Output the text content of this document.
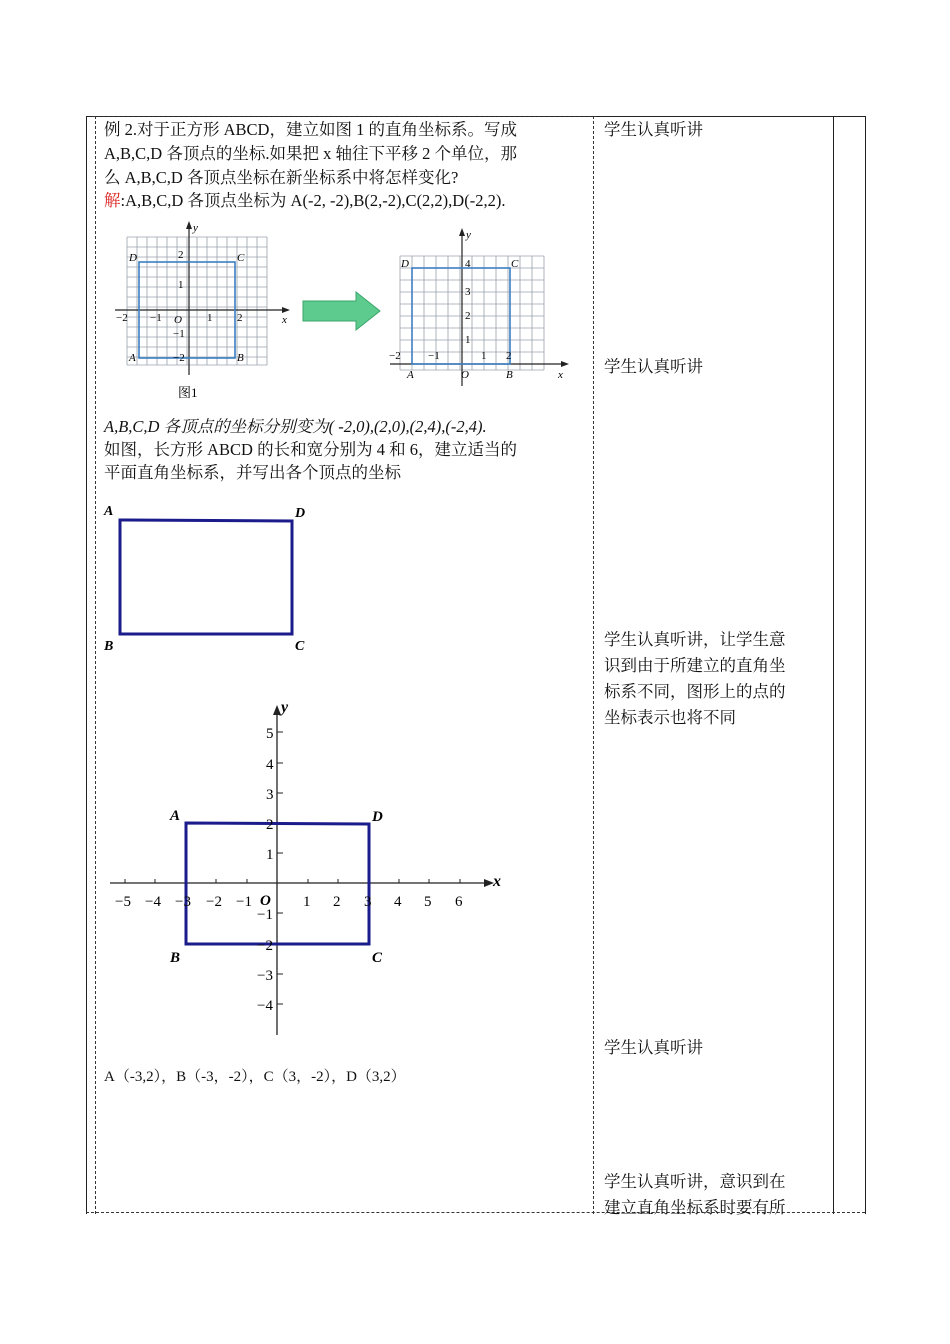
例 2.对于正方形 ABCD，建立如图 1 的直角坐标系。写成
A,B,C,D 各顶点的坐标.如果把 x 轴往下平移 2 个单位，那
么 A,B,C,D 各顶点坐标在新坐标系中将怎样变化?
解:A,B,C,D 各顶点坐标为 A(-2, -2),B(2,-2),C(2,2),D(-2,2).
D	C
A	B
O	x
y
−2 −1	1 2
2
1
−1
−2
图1
D	C
A	B
O	x
y
−2 −1	1 2
1
2
3
4
A,B,C,D 各顶点的坐标分别变为( -2,0),(2,0),(2,4),(-2,4).
如图，长方形 ABCD 的长和宽分别为 4 和 6，建立适当的
平面直角坐标系，并写出各个顶点的坐标
A	D
B	C
−5 −4 −3 −2 −1	1 2 3 4 5 6
5
4
3
2
1
−1
−2
−3
−4
O
x
y
A	D
B	C
A（-3,2），B（-3，-2），C（3，-2），D（3,2）
学生认真听讲
学生认真听讲
学生认真听讲，让学生意
识到由于所建立的直角坐
标系不同，图形上的点的
坐标表示也将不同
学生认真听讲
学生认真听讲，意识到在
建立直角坐标系时要有所
